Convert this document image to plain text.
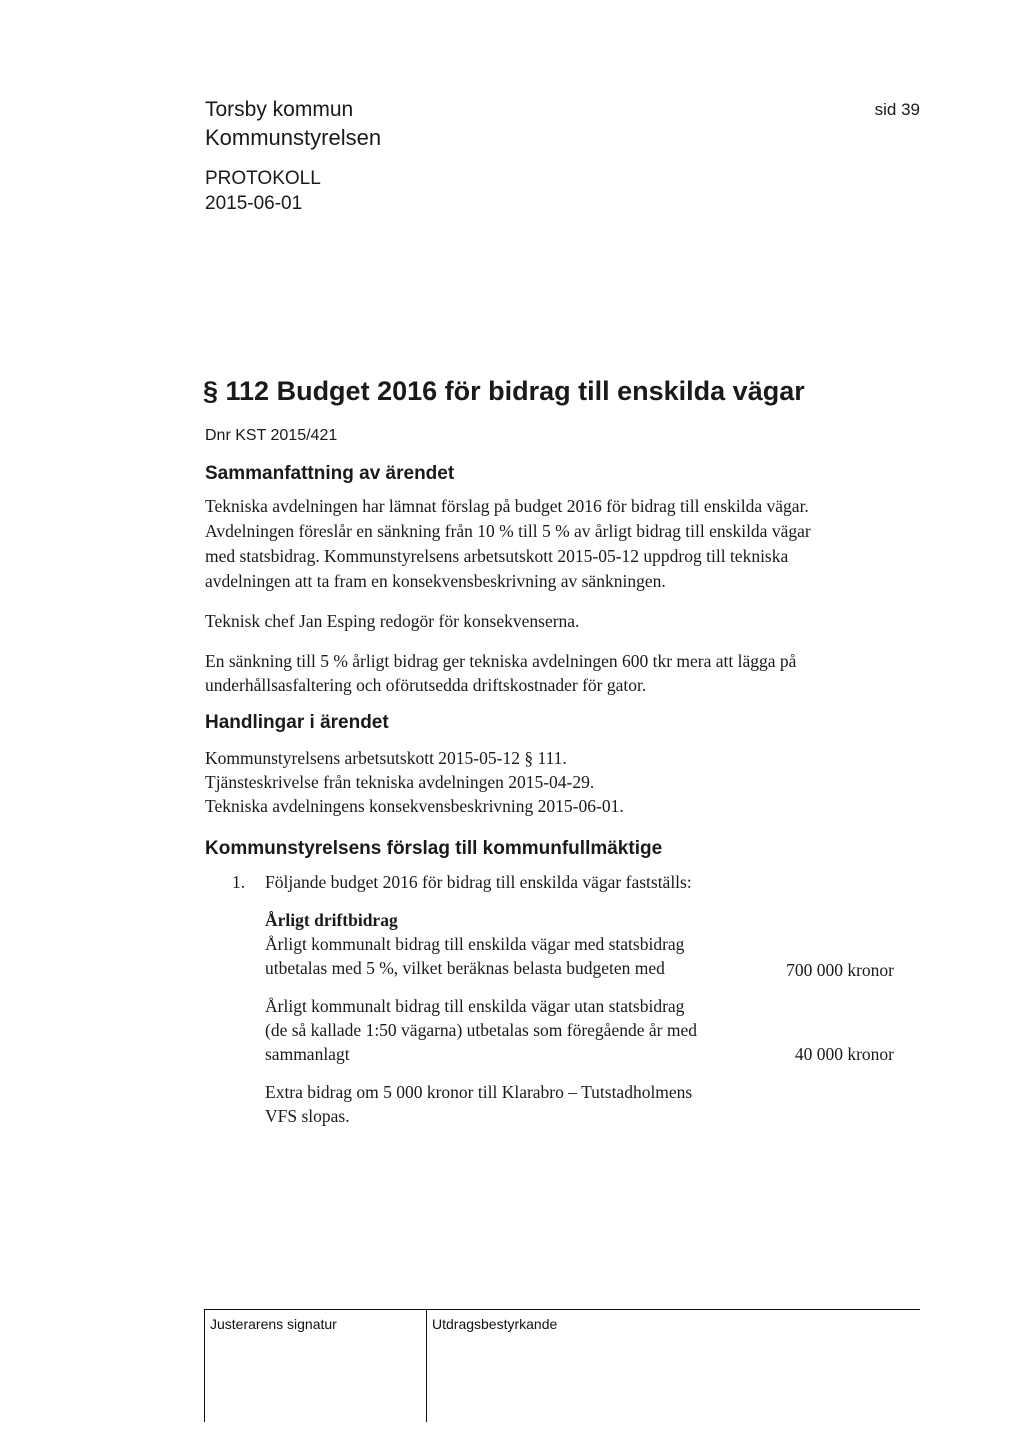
Torsby kommun
Kommunstyrelsen
PROTOKOLL
2015-06-01
sid 39
§ 112 Budget 2016 för bidrag till enskilda vägar
Dnr KST 2015/421
Sammanfattning av ärendet
Tekniska avdelningen har lämnat förslag på budget 2016 för bidrag till enskilda vägar.
Avdelningen föreslår en sänkning från 10 % till 5 % av årligt bidrag till enskilda vägar
med statsbidrag. Kommunstyrelsens arbetsutskott 2015-05-12 uppdrog till tekniska
avdelningen att ta fram en konsekvensbeskrivning av sänkningen.
Teknisk chef Jan Esping redogör för konsekvenserna.
En sänkning till 5 % årligt bidrag ger tekniska avdelningen 600 tkr mera att lägga på
underhållsasfaltering och oförutsedda driftskostnader för gator.
Handlingar i ärendet
Kommunstyrelsens arbetsutskott 2015-05-12 § 111.
Tjänsteskrivelse från tekniska avdelningen 2015-04-29.
Tekniska avdelningens konsekvensbeskrivning 2015-06-01.
Kommunstyrelsens förslag till kommunfullmäktige
1. Följande budget 2016 för bidrag till enskilda vägar fastställs:
Årligt driftbidrag
Årligt kommunalt bidrag till enskilda vägar med statsbidrag
utbetalas med 5 %, vilket beräknas belasta budgeten med	700 000 kronor
Årligt kommunalt bidrag till enskilda vägar utan statsbidrag
(de så kallade 1:50 vägarna) utbetalas som föregående år med
sammanlagt	40 000 kronor
Extra bidrag om 5 000 kronor till Klarabro – Tutstadholmens
VFS slopas.
Justerarens signatur	Utdragsbestyrkande
